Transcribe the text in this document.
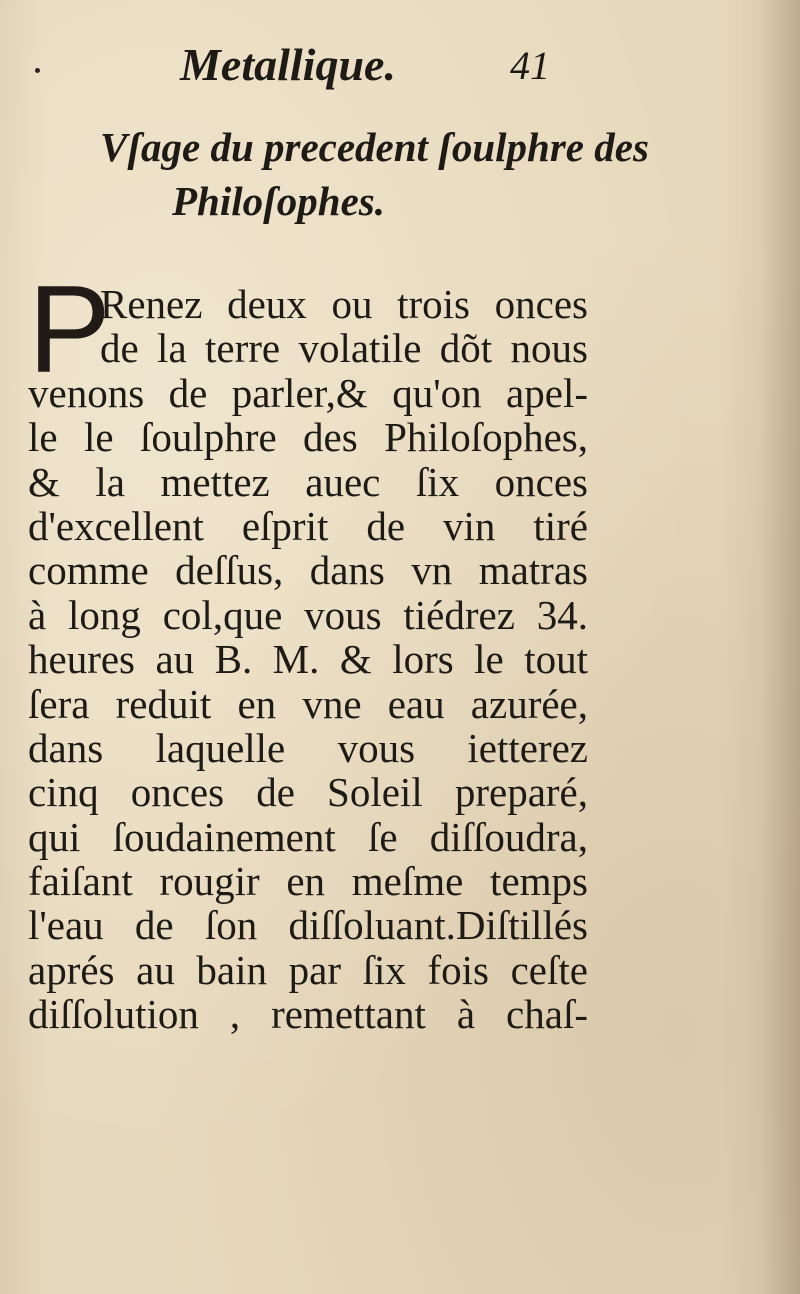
Metallique.	41
Vſage du precedent ſoulphre des
Philoſophes.
P
Renez deux ou trois onces
de la terre volatile dõt nous
venons de parler,& qu'on apel-
le le ſoulphre des Philoſophes,
& la mettez auec ſix onces
d'excellent eſprit de vin tiré
comme deſſus, dans vn matras
à long col,que vous tiédrez 34.
heures au B. M. & lors le tout
ſera reduit en vne eau azurée,
dans laquelle vous ietterez
cinq onces de Soleil preparé,
qui ſoudainement ſe diſſoudra,
faiſant rougir en meſme temps
l'eau de ſon diſſoluant.Diſtillés
aprés au bain par ſix fois ceſte
diſſolution , remettant à chaſ-
